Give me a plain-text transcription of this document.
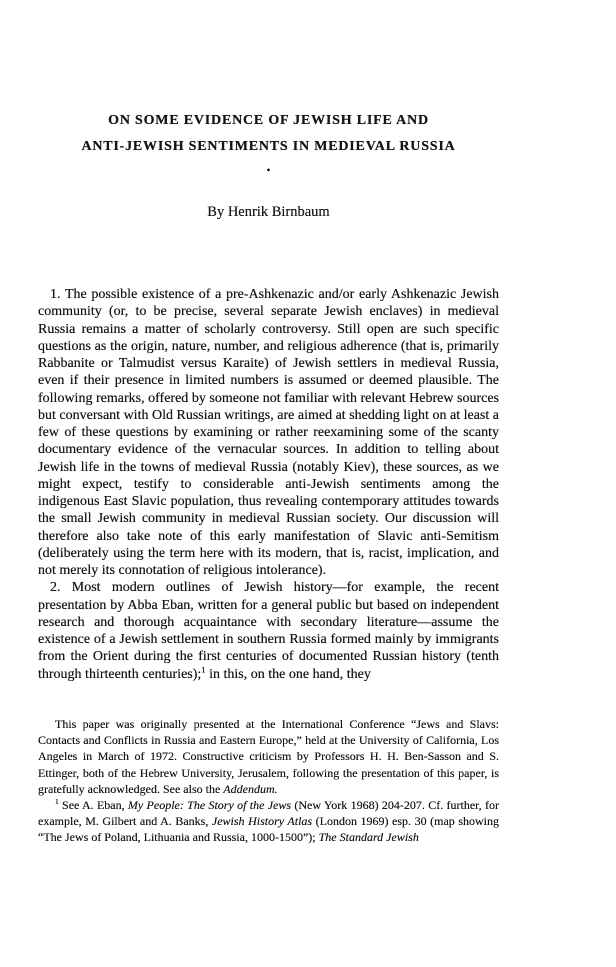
ON SOME EVIDENCE OF JEWISH LIFE AND
ANTI-JEWISH SENTIMENTS IN MEDIEVAL RUSSIA
•
By Henrik Birnbaum

1. The possible existence of a pre-Ashkenazic and/or early Ashkenazic Jewish community (or, to be precise, several separate Jewish enclaves) in medieval Russia remains a matter of scholarly controversy. Still open are such specific questions as the origin, nature, number, and religious adherence (that is, primarily Rabbanite or Talmudist versus Karaite) of Jewish settlers in medieval Russia, even if their presence in limited numbers is assumed or deemed plausible. The following remarks, offered by someone not familiar with relevant Hebrew sources but conversant with Old Russian writings, are aimed at shedding light on at least a few of these questions by examining or rather reexamining some of the scanty documentary evidence of the vernacular sources. In addition to telling about Jewish life in the towns of medieval Russia (notably Kiev), these sources, as we might expect, testify to considerable anti-Jewish sentiments among the indigenous East Slavic population, thus revealing contemporary attitudes towards the small Jewish community in medieval Russian society. Our discussion will therefore also take note of this early manifestation of Slavic anti-Semitism (deliberately using the term here with its modern, that is, racist, implication, and not merely its connotation of religious intolerance).

2. Most modern outlines of Jewish history—for example, the recent presentation by Abba Eban, written for a general public but based on independent research and thorough acquaintance with secondary literature—assume the existence of a Jewish settlement in southern Russia formed mainly by immigrants from the Orient during the first centuries of documented Russian history (tenth through thirteenth centuries);$^1$ in this, on the one hand, they

This paper was originally presented at the International Conference “Jews and Slavs: Contacts and Conflicts in Russia and Eastern Europe,” held at the University of California, Los Angeles in March of 1972. Constructive criticism by Professors H. H. Ben-Sasson and S. Ettinger, both of the Hebrew University, Jerusalem, following the presentation of this paper, is gratefully acknowledged. See also the Addendum.

$^1$ See A. Eban, My People: The Story of the Jews (New York 1968) 204-207. Cf. further, for example, M. Gilbert and A. Banks, Jewish History Atlas (London 1969) esp. 30 (map showing “The Jews of Poland, Lithuania and Russia, 1000-1500”); The Standard Jewish
